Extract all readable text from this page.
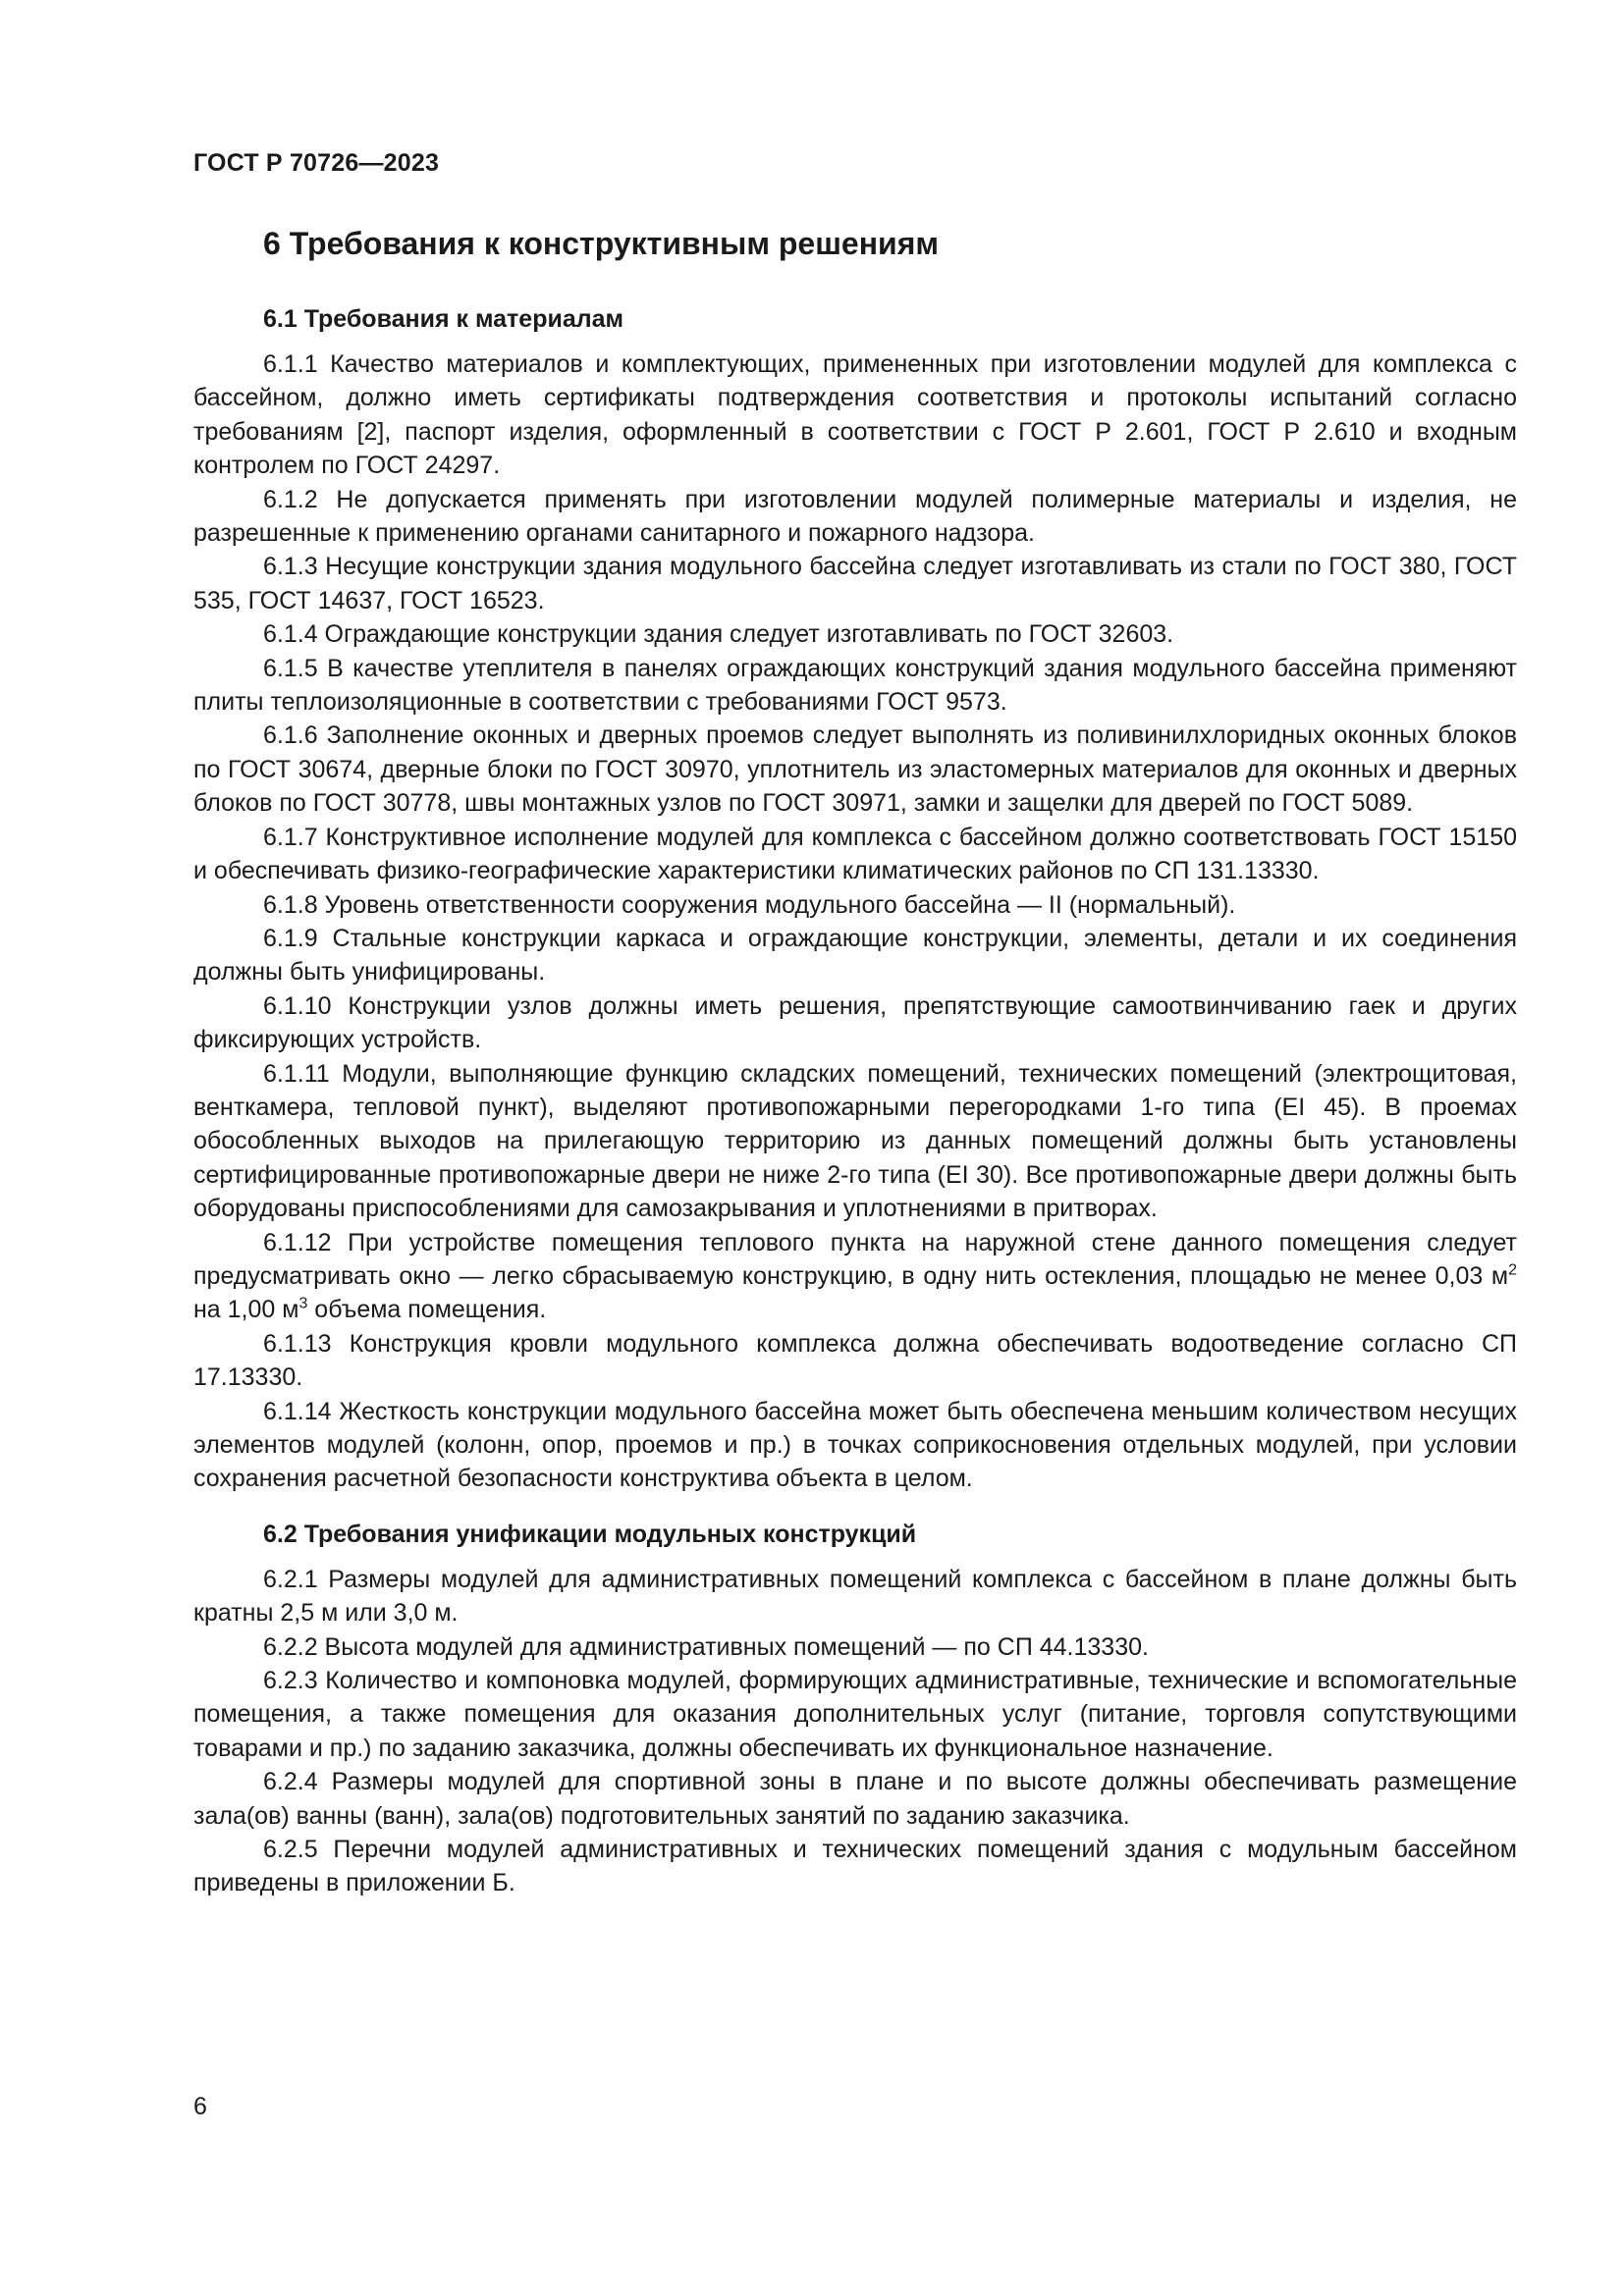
ГОСТ Р 70726—2023

6 Требования к конструктивным решениям
6.1 Требования к материалам

6.1.1 Качество материалов и комплектующих, примененных при изготовлении модулей для комплекса с бассейном, должно иметь сертификаты подтверждения соответствия и протоколы испытаний согласно требованиям [2], паспорт изделия, оформленный в соответствии с ГОСТ Р 2.601, ГОСТ Р 2.610 и входным контролем по ГОСТ 24297.

6.1.2 Не допускается применять при изготовлении модулей полимерные материалы и изделия, не разрешенные к применению органами санитарного и пожарного надзора.

6.1.3 Несущие конструкции здания модульного бассейна следует изготавливать из стали по ГОСТ 380, ГОСТ 535, ГОСТ 14637, ГОСТ 16523.

6.1.4 Ограждающие конструкции здания следует изготавливать по ГОСТ 32603.

6.1.5 В качестве утеплителя в панелях ограждающих конструкций здания модульного бассейна применяют плиты теплоизоляционные в соответствии с требованиями ГОСТ 9573.

6.1.6 Заполнение оконных и дверных проемов следует выполнять из поливинилхлоридных оконных блоков по ГОСТ 30674, дверные блоки по ГОСТ 30970, уплотнитель из эластомерных материалов для оконных и дверных блоков по ГОСТ 30778, швы монтажных узлов по ГОСТ 30971, замки и защелки для дверей по ГОСТ 5089.

6.1.7 Конструктивное исполнение модулей для комплекса с бассейном должно соответствовать ГОСТ 15150 и обеспечивать физико-географические характеристики климатических районов по СП 131.13330.

6.1.8 Уровень ответственности сооружения модульного бассейна — II (нормальный).

6.1.9 Стальные конструкции каркаса и ограждающие конструкции, элементы, детали и их соединения должны быть унифицированы.

6.1.10 Конструкции узлов должны иметь решения, препятствующие самоотвинчиванию гаек и других фиксирующих устройств.

6.1.11 Модули, выполняющие функцию складских помещений, технических помещений (электрощитовая, венткамера, тепловой пункт), выделяют противопожарными перегородками 1-го типа (EI 45). В проемах обособленных выходов на прилегающую территорию из данных помещений должны быть установлены сертифицированные противопожарные двери не ниже 2-го типа (EI 30). Все противопожарные двери должны быть оборудованы приспособлениями для самозакрывания и уплотнениями в притворах.

6.1.12 При устройстве помещения теплового пункта на наружной стене данного помещения следует предусматривать окно — легко сбрасываемую конструкцию, в одну нить остекления, площадью не менее 0,03 $м^2$ на 1,00 $м^3$ объема помещения.

6.1.13 Конструкция кровли модульного комплекса должна обеспечивать водоотведение согласно СП 17.13330.

6.1.14 Жесткость конструкции модульного бассейна может быть обеспечена меньшим количеством несущих элементов модулей (колонн, опор, проемов и пр.) в точках соприкосновения отдельных модулей, при условии сохранения расчетной безопасности конструктива объекта в целом.

6.2 Требования унификации модульных конструкций

6.2.1 Размеры модулей для административных помещений комплекса с бассейном в плане должны быть кратны 2,5 м или 3,0 м.

6.2.2 Высота модулей для административных помещений — по СП 44.13330.

6.2.3 Количество и компоновка модулей, формирующих административные, технические и вспомогательные помещения, а также помещения для оказания дополнительных услуг (питание, торговля сопутствующими товарами и пр.) по заданию заказчика, должны обеспечивать их функциональное назначение.

6.2.4 Размеры модулей для спортивной зоны в плане и по высоте должны обеспечивать размещение зала(ов) ванны (ванн), зала(ов) подготовительных занятий по заданию заказчика.

6.2.5 Перечни модулей административных и технических помещений здания с модульным бассейном приведены в приложении Б.

6
